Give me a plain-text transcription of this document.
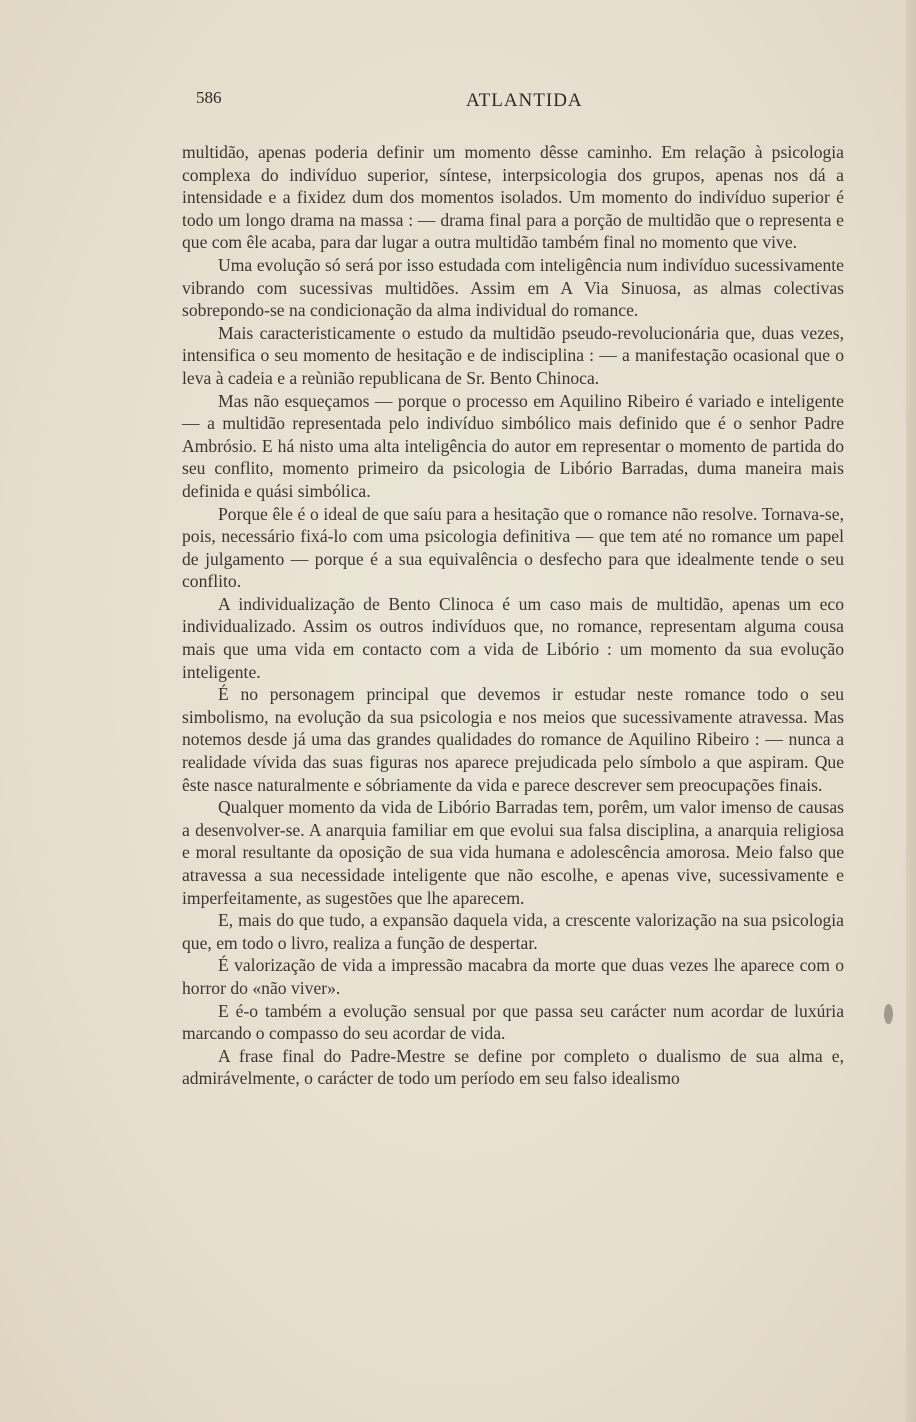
586	ATLANTIDA

multidão, apenas poderia definir um momento dêsse caminho. Em relação à psicologia complexa do indivíduo superior, síntese, interpsicologia dos grupos, apenas nos dá a intensidade e a fixidez dum dos momentos isolados. Um momento do indivíduo superior é todo um longo drama na massa : — drama final para a porção de multidão que o representa e que com êle acaba, para dar lugar a outra multidão também final no momento que vive.

Uma evolução só será por isso estudada com inteligência num indivíduo sucessivamente vibrando com sucessivas multidões. Assim em A Via Sinuosa, as almas colectivas sobrepondo-se na condicionação da alma individual do romance.

Mais caracteristicamente o estudo da multidão pseudo-revolucionária que, duas vezes, intensifica o seu momento de hesitação e de indisciplina : — a manifestação ocasional que o leva à cadeia e a reùnião republicana de Sr. Bento Chinoca.

Mas não esqueçamos — porque o processo em Aquilino Ribeiro é variado e inteligente — a multidão representada pelo indivíduo simbólico mais definido que é o senhor Padre Ambrósio. E há nisto uma alta inteligência do autor em representar o momento de partida do seu conflito, momento primeiro da psicologia de Libório Barradas, duma maneira mais definida e quási simbólica.

Porque êle é o ideal de que saíu para a hesitação que o romance não resolve. Tornava-se, pois, necessário fixá-lo com uma psicologia definitiva — que tem até no romance um papel de julgamento — porque é a sua equivalência o desfecho para que idealmente tende o seu conflito.

A individualização de Bento Clinoca é um caso mais de multidão, apenas um eco individualizado. Assim os outros indivíduos que, no romance, representam alguma cousa mais que uma vida em contacto com a vida de Libório : um momento da sua evolução inteligente.

É no personagem principal que devemos ir estudar neste romance todo o seu simbolismo, na evolução da sua psicologia e nos meios que sucessivamente atravessa. Mas notemos desde já uma das grandes qualidades do romance de Aquilino Ribeiro : — nunca a realidade vívida das suas figuras nos aparece prejudicada pelo símbolo a que aspiram. Que êste nasce naturalmente e sóbriamente da vida e parece descrever sem preocupações finais.

Qualquer momento da vida de Libório Barradas tem, porêm, um valor imenso de causas a desenvolver-se. A anarquia familiar em que evolui sua falsa disciplina, a anarquia religiosa e moral resultante da oposição de sua vida humana e adolescência amorosa. Meio falso que atravessa a sua necessidade inteligente que não escolhe, e apenas vive, sucessivamente e imperfeitamente, as sugestões que lhe aparecem.

E, mais do que tudo, a expansão daquela vida, a crescente valorização na sua psicologia que, em todo o livro, realiza a função de despertar.

É valorização de vida a impressão macabra da morte que duas vezes lhe aparece com o horror do «não viver».

E é-o também a evolução sensual por que passa seu carácter num acordar de luxúria marcando o compasso do seu acordar de vida.

A frase final do Padre-Mestre se define por completo o dualismo de sua alma e, admirávelmente, o carácter de todo um período em seu falso idealismo
